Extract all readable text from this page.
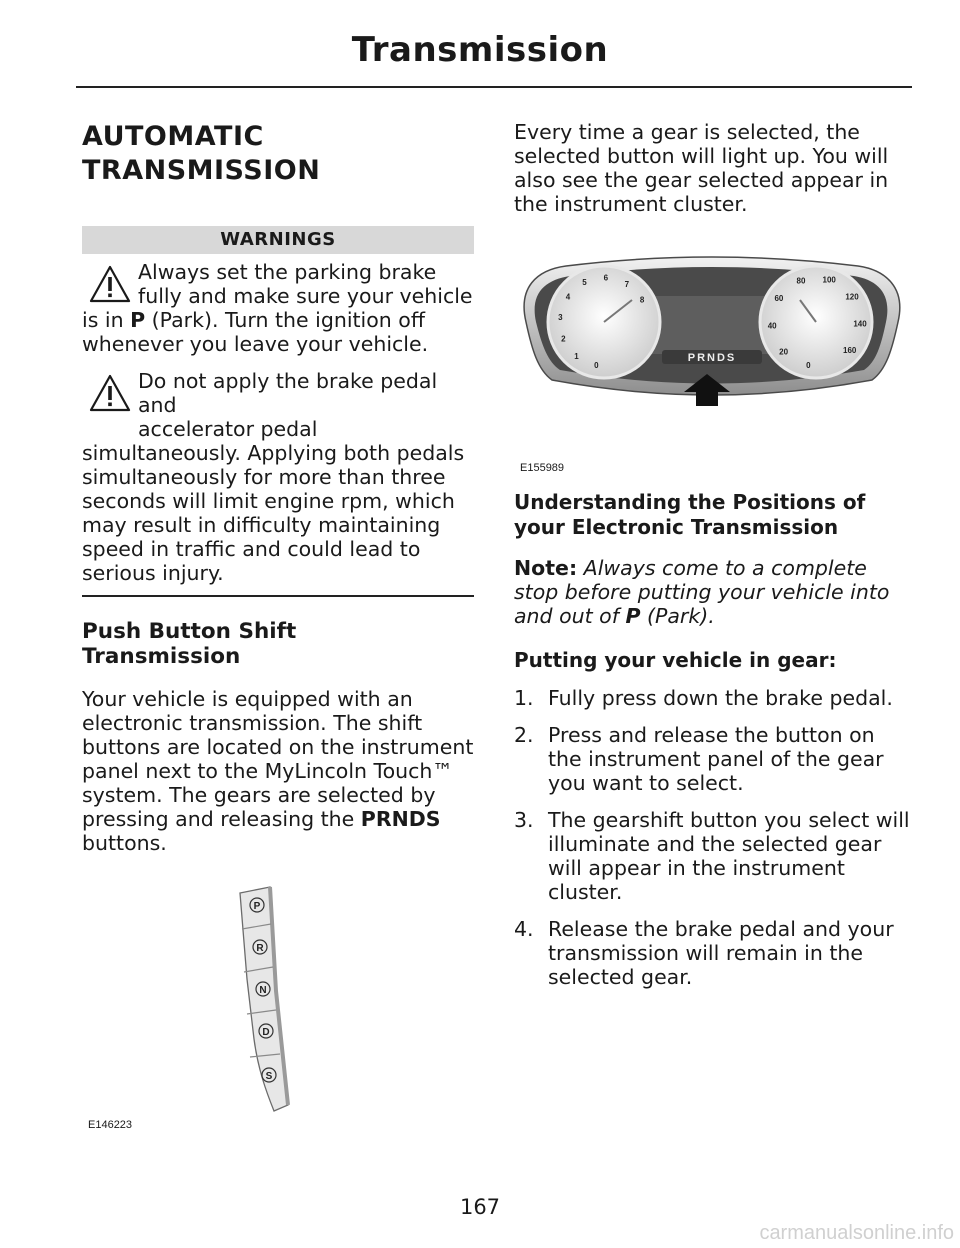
Transmission
AUTOMATIC
TRANSMISSION
WARNINGS

Always set the parking brake

fully and make sure your vehicle

is in P (Park). Turn the ignition off

whenever you leave your vehicle.

Do not apply the brake pedal and

accelerator pedal

simultaneously. Applying both pedals simultaneously for more than three seconds will limit engine rpm, which may result in difficulty maintaining speed in traffic and could lead to serious injury.

Push Button Shift
Transmission

Your vehicle is equipped with an electronic transmission. The shift buttons are located on the instrument panel next to the MyLincoln Touch™ system. The gears are selected by pressing and releasing the PRNDS buttons.

P
R
N
D
S
E146223

Every time a gear is selected, the selected button will light up. You will also see the gear selected appear in the instrument cluster.

0
1
2
3
4
5 6
7
8
0
20
40
60
80 100
120
140
160
PRNDS
E155989
Understanding the Positions of
your Electronic Transmission

Note: Always come to a complete stop before putting your vehicle into and out of P (Park).

Putting your vehicle in gear:
1. Fully press down the brake pedal.
2. Press and release the button on the instrument panel of the gear you want to select.
3. The gearshift button you select will illuminate and the selected gear will appear in the instrument cluster.
4. Release the brake pedal and your transmission will remain in the selected gear.
167
carmanualsonline.info
